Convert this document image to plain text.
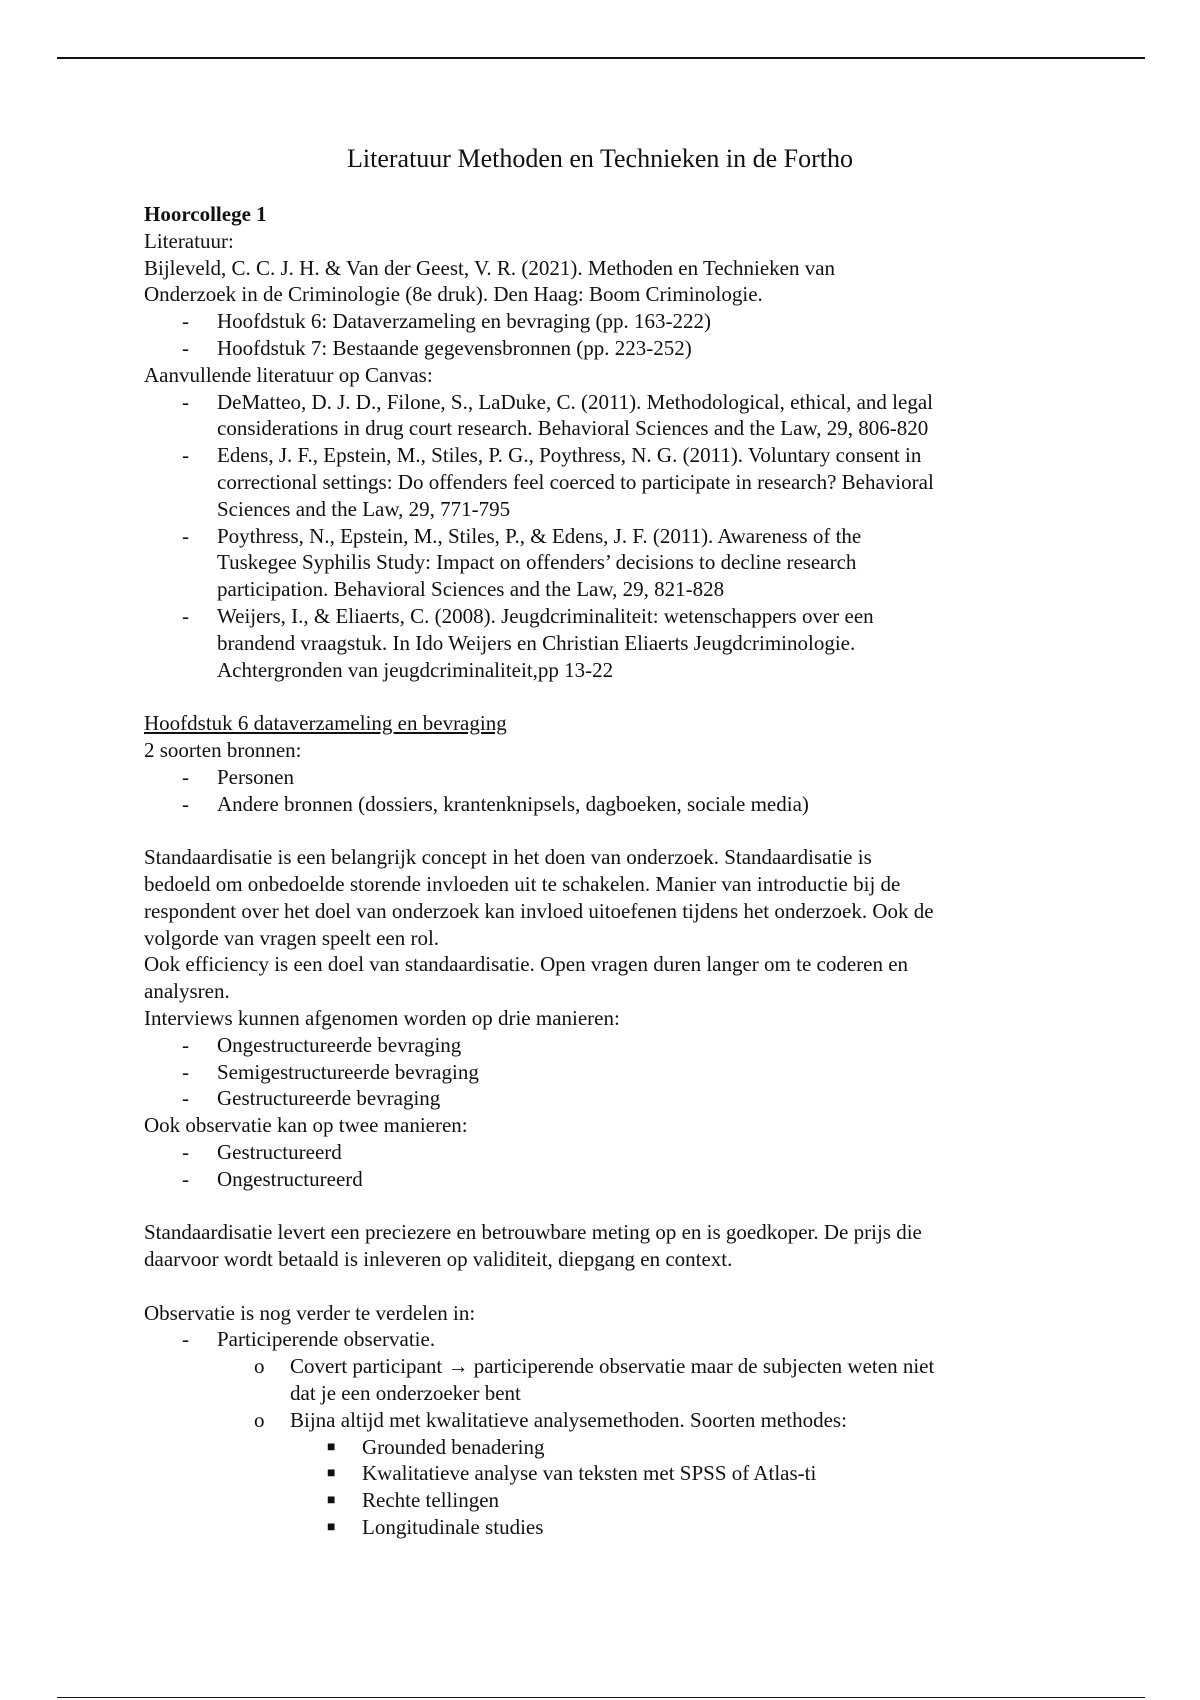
Literatuur Methoden en Technieken in de Fortho

Hoorcollege 1

Literatuur:

Bijleveld, C. C. J. H. & Van der Geest, V. R. (2021). Methoden en Technieken van

Onderzoek in de Criminologie (8e druk). Den Haag: Boom Criminologie.

- Hoofdstuk 6: Dataverzameling en bevraging (pp. 163-222)
- Hoofdstuk 7: Bestaande gegevensbronnen (pp. 223-252)

Aanvullende literatuur op Canvas:

- DeMatteo, D. J. D., Filone, S., LaDuke, C. (2011). Methodological, ethical, and legal
considerations in drug court research. Behavioral Sciences and the Law, 29, 806-820
- Edens, J. F., Epstein, M., Stiles, P. G., Poythress, N. G. (2011). Voluntary consent in
correctional settings: Do offenders feel coerced to participate in research? Behavioral
Sciences and the Law, 29, 771-795
- Poythress, N., Epstein, M., Stiles, P., & Edens, J. F. (2011). Awareness of the
Tuskegee Syphilis Study: Impact on offenders’ decisions to decline research
participation. Behavioral Sciences and the Law, 29, 821-828
- Weijers, I., & Eliaerts, C. (2008). Jeugdcriminaliteit: wetenschappers over een
brandend vraagstuk. In Ido Weijers en Christian Eliaerts Jeugdcriminologie.
Achtergronden van jeugdcriminaliteit,pp 13-22

Hoofdstuk 6 dataverzameling en bevraging

2 soorten bronnen:

- Personen
- Andere bronnen (dossiers, krantenknipsels, dagboeken, sociale media)

Standaardisatie is een belangrijk concept in het doen van onderzoek. Standaardisatie is

bedoeld om onbedoelde storende invloeden uit te schakelen. Manier van introductie bij de

respondent over het doel van onderzoek kan invloed uitoefenen tijdens het onderzoek. Ook de

volgorde van vragen speelt een rol.

Ook efficiency is een doel van standaardisatie. Open vragen duren langer om te coderen en

analysren.

Interviews kunnen afgenomen worden op drie manieren:

- Ongestructureerde bevraging
- Semigestructureerde bevraging
- Gestructureerde bevraging

Ook observatie kan op twee manieren:

- Gestructureerd
- Ongestructureerd

Standaardisatie levert een preciezere en betrouwbare meting op en is goedkoper. De prijs die

daarvoor wordt betaald is inleveren op validiteit, diepgang en context.

Observatie is nog verder te verdelen in:

- Participerende observatie.
o Covert participant → participerende observatie maar de subjecten weten niet
dat je een onderzoeker bent
o Bijna altijd met kwalitatieve analysemethoden. Soorten methodes:
■ Grounded benadering
■ Kwalitatieve analyse van teksten met SPSS of Atlas-ti
■ Rechte tellingen
■ Longitudinale studies
